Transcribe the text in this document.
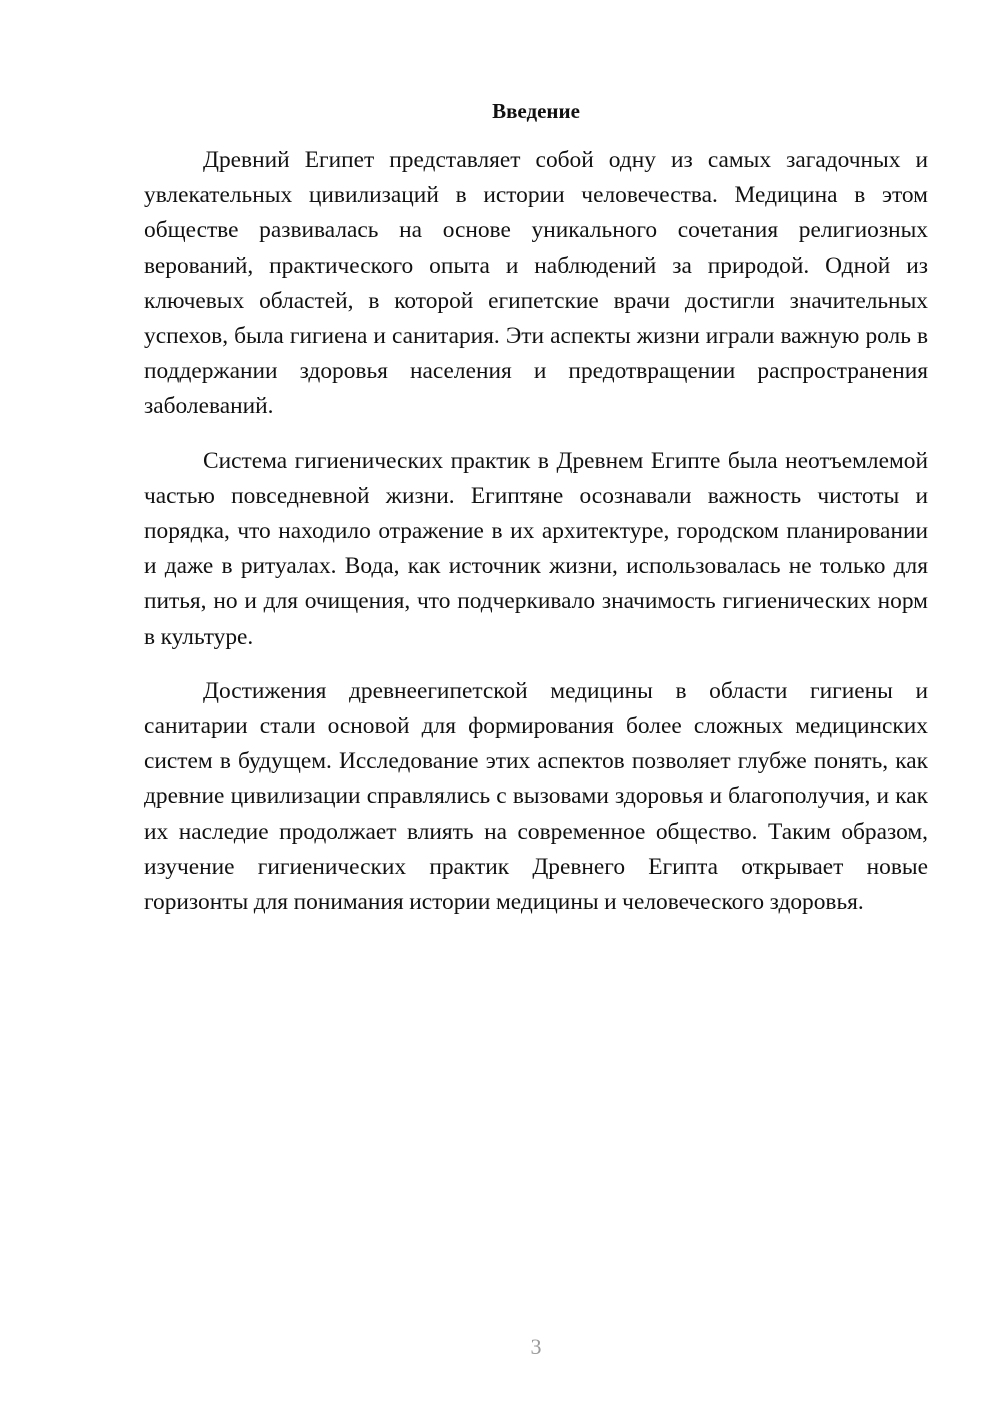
Введение

Древний Египет представляет собой одну из самых загадочных и увлекательных цивилизаций в истории человечества. Медицина в этом обществе развивалась на основе уникального сочетания религиозных верований, практического опыта и наблюдений за природой. Одной из ключевых областей, в которой египетские врачи достигли значительных успехов, была гигиена и санитария. Эти аспекты жизни играли важную роль в поддержании здоровья населения и предотвращении распространения заболеваний.

Система гигиенических практик в Древнем Египте была неотъемлемой частью повседневной жизни. Египтяне осознавали важность чистоты и порядка, что находило отражение в их архитектуре, городском планировании и даже в ритуалах. Вода, как источник жизни, использовалась не только для питья, но и для очищения, что подчеркивало значимость гигиенических норм в культуре.

Достижения древнеегипетской медицины в области гигиены и санитарии стали основой для формирования более сложных медицинских систем в будущем. Исследование этих аспектов позволяет глубже понять, как древние цивилизации справлялись с вызовами здоровья и благополучия, и как их наследие продолжает влиять на современное общество. Таким образом, изучение гигиенических практик Древнего Египта открывает новые горизонты для понимания истории медицины и человеческого здоровья.

3
